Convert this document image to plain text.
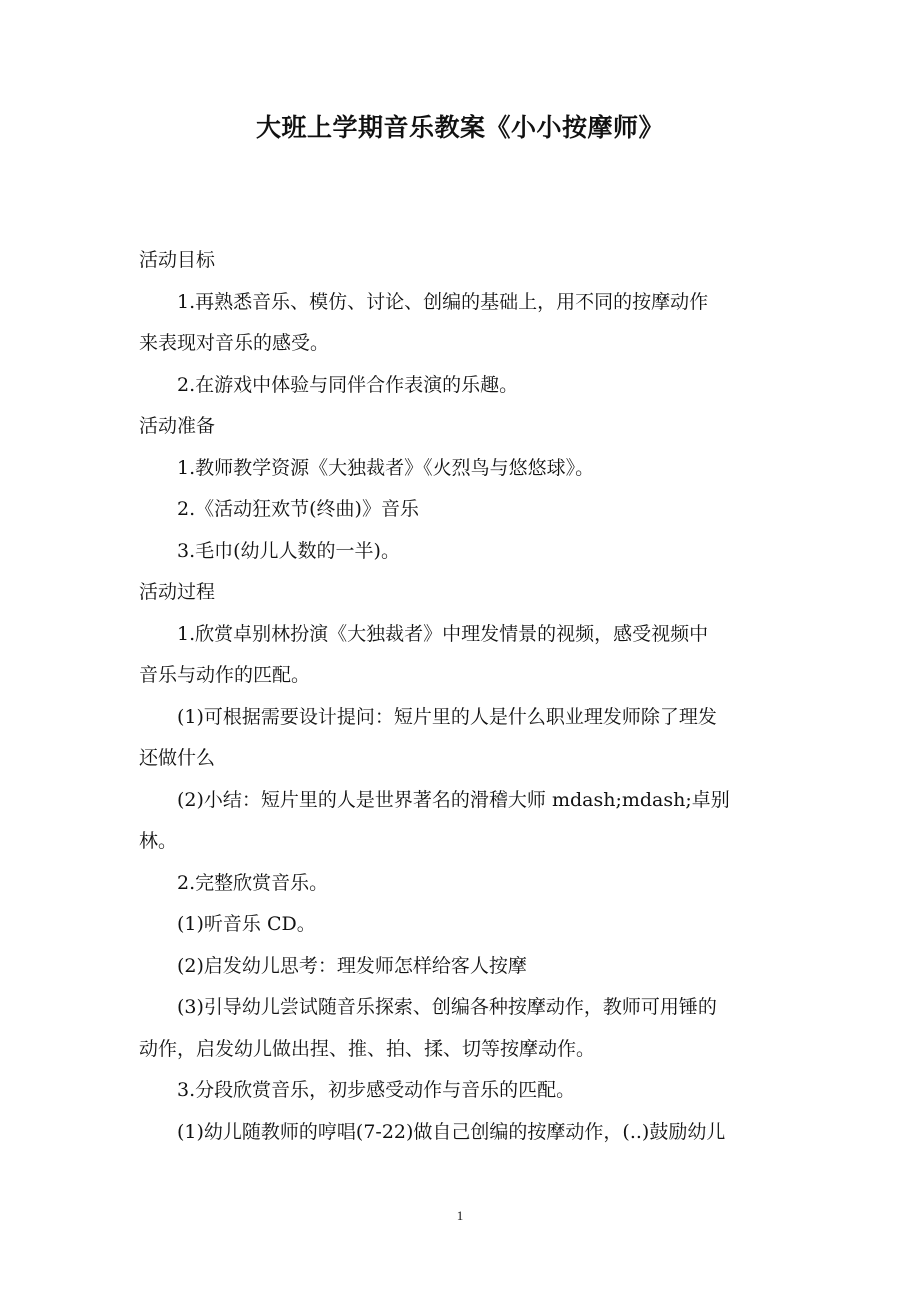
大班上学期音乐教案《小小按摩师》
活动目标
1.再熟悉音乐、模仿、讨论、创编的基础上，用不同的按摩动作
来表现对音乐的感受。
2.在游戏中体验与同伴合作表演的乐趣。
活动准备
1.教师教学资源《大独裁者》《火烈鸟与悠悠球》。
2.《活动狂欢节(终曲)》音乐
3.毛巾(幼儿人数的一半)。
活动过程
1.欣赏卓别林扮演《大独裁者》中理发情景的视频，感受视频中
音乐与动作的匹配。
(1)可根据需要设计提问：短片里的人是什么职业理发师除了理发
还做什么
(2)小结：短片里的人是世界著名的滑稽大师 mdash;mdash;卓别
林。
2.完整欣赏音乐。
(1)听音乐 CD。
(2)启发幼儿思考：理发师怎样给客人按摩
(3)引导幼儿尝试随音乐探索、创编各种按摩动作，教师可用锤的
动作，启发幼儿做出捏、推、拍、揉、切等按摩动作。
3.分段欣赏音乐，初步感受动作与音乐的匹配。
(1)幼儿随教师的哼唱(7-22)做自己创编的按摩动作，(..)鼓励幼儿
1
